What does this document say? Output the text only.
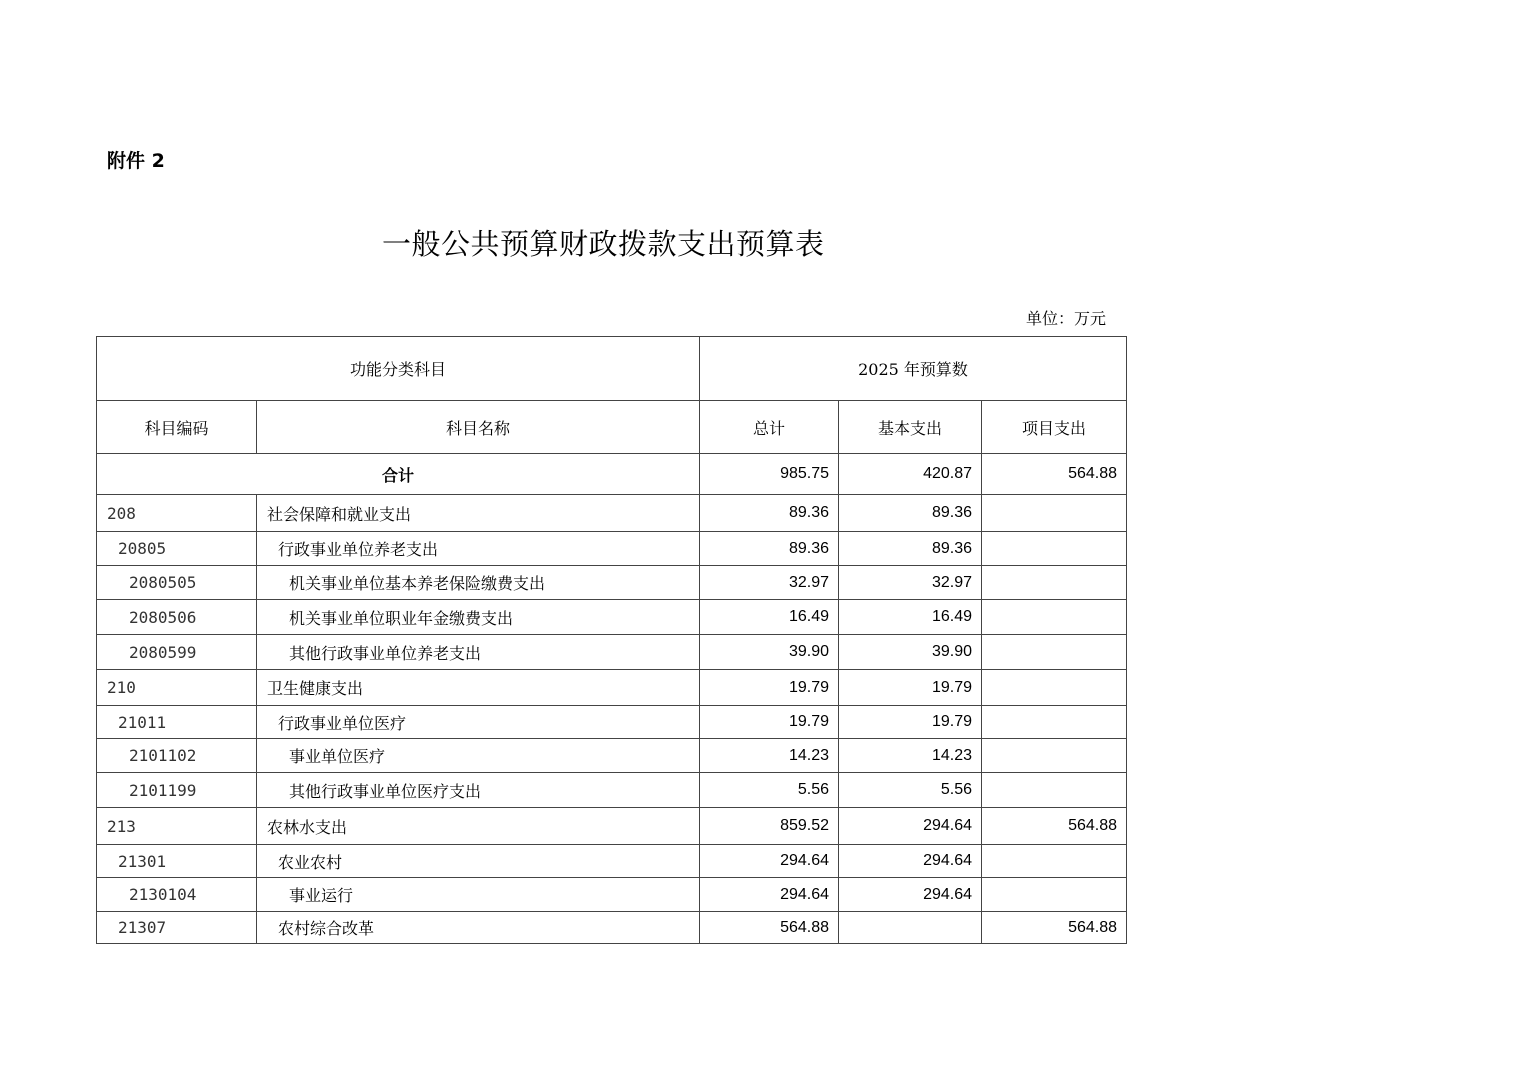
附件 2
一般公共预算财政拨款支出预算表
单位：万元
功能分类科目		2025 年预算数		
科目编码	科目名称	总计	基本支出	项目支出
合计		985.75	420.87	564.88
208	社会保障和就业支出	89.36	89.36	
20805	行政事业单位养老支出	89.36	89.36	
2080505	机关事业单位基本养老保险缴费支出	32.97	32.97	
2080506	机关事业单位职业年金缴费支出	16.49	16.49	
2080599	其他行政事业单位养老支出	39.90	39.90	
210	卫生健康支出	19.79	19.79	
21011	行政事业单位医疗	19.79	19.79	
2101102	事业单位医疗	14.23	14.23	
2101199	其他行政事业单位医疗支出	5.56	5.56	
213	农林水支出	859.52	294.64	564.88
21301	农业农村	294.64	294.64	
2130104	事业运行	294.64	294.64	
21307	农村综合改革	564.88		564.88
